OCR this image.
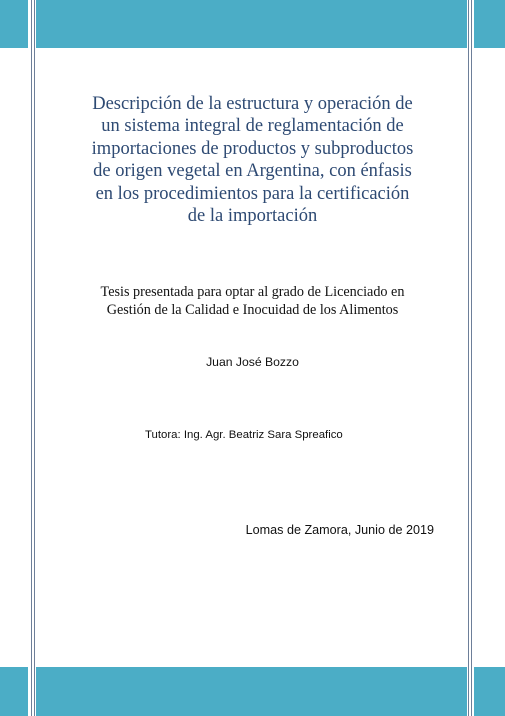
Descripción de la estructura y operación de
un sistema integral de reglamentación de
importaciones de productos y subproductos
de origen vegetal en Argentina, con énfasis
en los procedimientos para la certificación
de la importación

Tesis presentada para optar al grado de Licenciado en
Gestión de la Calidad e Inocuidad de los Alimentos

Juan José Bozzo
Tutora: Ing. Agr. Beatriz Sara Spreafico
Lomas de Zamora, Junio de 2019
